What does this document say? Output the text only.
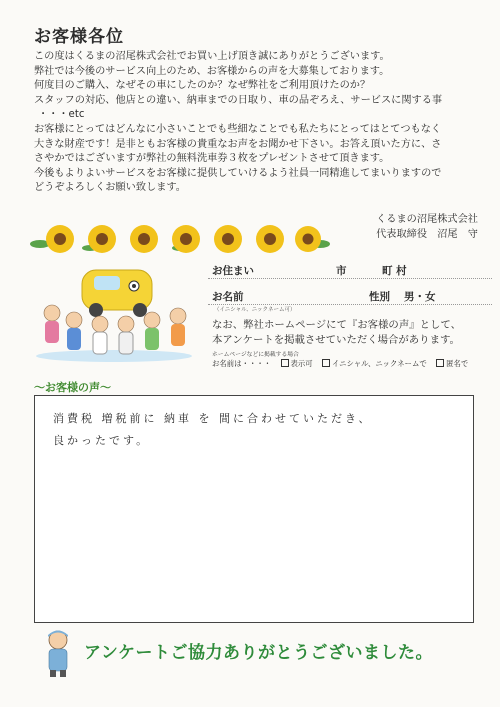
お客様各位
この度はくるまの沼尾株式会社でお買い上げ頂き誠にありがとうございます。
弊社では今後のサービス向上のため、お客様からの声を大募集しております。
何度目のご購入、なぜその車にしたのか？なぜ弊社をご利用頂けたのか？
スタッフの対応、他店との違い、納車までの日取り、車の品ぞろえ、サービスに関する事
・・・etc
お客様にとってはどんなに小さいことでも些細なことでも私たちにとってはとてつもなく
大きな財産です！是非ともお客様の貴重なお声をお聞かせ下さい。お答え頂いた方に、さ
さやかではございますが弊社の無料洗車券３枚をプレゼントさせて頂きます。
今後もよりよいサービスをお客様に提供していけるよう社員一同精進してまいりますので
どうぞよろしくお願い致します。
くるまの沼尾株式会社
代表取締役　沼尾　守
お住まい	市	町 村
お名前	性別 男・女
（イニシャル、ニックネーム可）
なお、弊社ホームページにて『お客様の声』として、
本アンケートを掲載させていただく場合があります。
ホームページなどに掲載する場合
お名前は・・・・	表示可	イニシャル、ニックネームで	匿名で
～お客様の声～
消費税 増税前に 納車 を 間に合わせていただき、
良かったです。
アンケートご協力ありがとうございました。
